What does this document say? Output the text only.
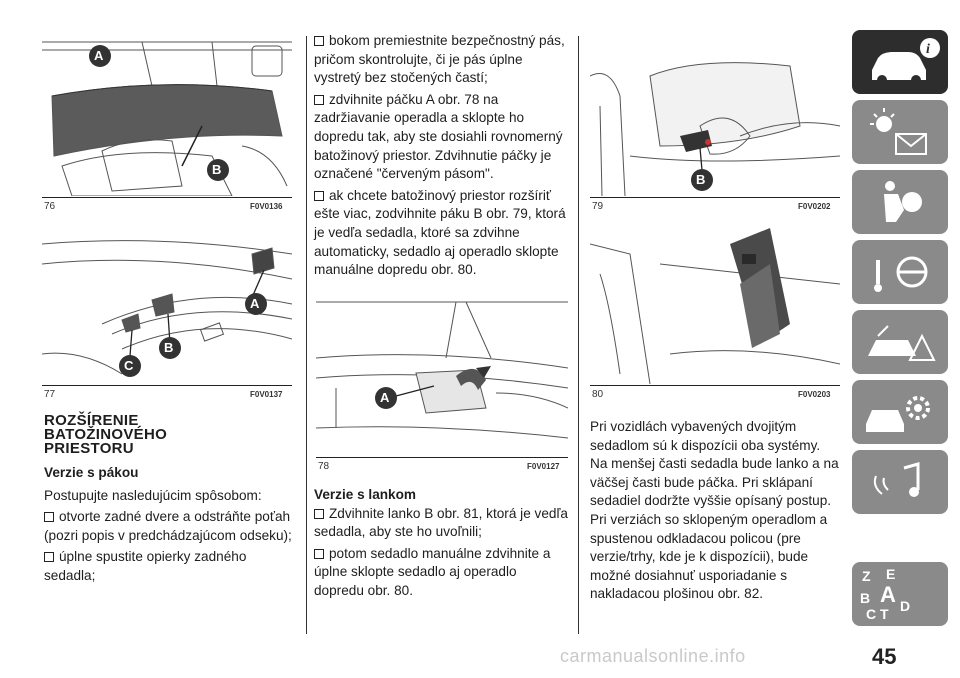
A
B
76	F0V0136
A
B
C
77	F0V0137
ROZŠÍRENIE BATOŽINOVÉHO PRIESTORU
Verzie s pákou

Postupujte nasledujúcim spôsobom:

otvorte zadné dvere a odstráňte poťah (pozri popis v predchádzajúcom odseku);

úplne spustite opierky zadného sedadla;

bokom premiestnite bezpečnostný pás, pričom skontrolujte, či je pás úplne vystretý bez stočených častí;

zdvihnite páčku A obr. 78 na zadržiavanie operadla a sklopte ho dopredu tak, aby ste dosiahli rovnomerný batožinový priestor. Zdvihnutie páčky je označené "červeným pásom".

ak chcete batožinový priestor rozšíriť ešte viac, zodvihnite páku B obr. 79, ktorá je vedľa sedadla, ktoré sa zdvihne automaticky, sedadlo aj operadlo sklopte manuálne dopredu obr. 80.

A
78	F0V0127
Verzie s lankom

Zdvihnite lanko B obr. 81, ktorá je vedľa sedadla, aby ste ho uvoľnili;

potom sedadlo manuálne zdvihnite a úplne sklopte sedadlo aj operadlo dopredu obr. 80.

B
79	F0V0202
80	F0V0203

Pri vozidlách vybavených dvojitým sedadlom sú k dispozícii oba systémy. Na menšej časti sedadla bude lanko a na väčšej časti bude páčka. Pri sklápaní sedadiel dodržte vyššie opísaný postup. Pri verziách so sklopeným operadlom a spustenou odkladacou policou (pre verzie/trhy, kde je k dispozícii), bude možné dosiahnuť usporiadanie s nakladacou plošinou obr. 82.

i
Z E
B A
C T D
45
carmanualsonline.info
